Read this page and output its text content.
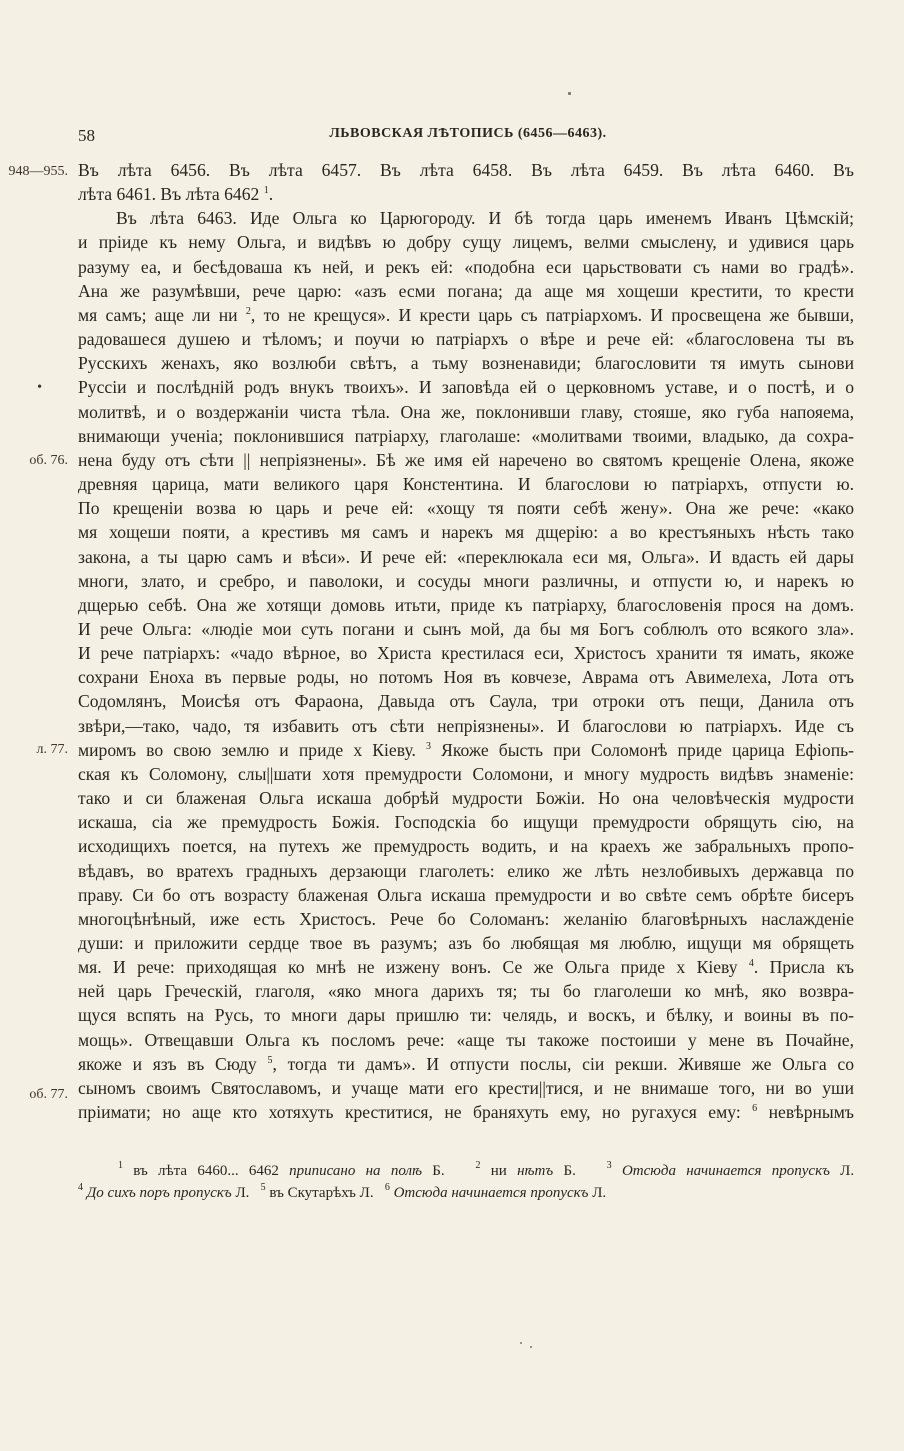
58	ЛЬВОВСКАЯ ЛѢТОПИСЬ (6456—6463).
948—955.
•
об. 76.
л. 77.
об. 77.
Въ лѣта 6456. Въ лѣта 6457. Въ лѣта 6458. Въ лѣта 6459. Въ лѣта 6460. Въ
лѣта 6461. Въ лѣта 6462 $^1$.
Въ лѣта 6463. Иде Ольга ко Царюгороду. И бѣ тогда царь именемъ Иванъ Цѣмскій;
и пріиде къ нему Ольга, и видѣвъ ю добру сущу лицемъ, велми смыслену, и удивися царь
разуму еа, и бесѣдоваша къ ней, и рекъ ей: «подобна еси царьствовати съ нами во градѣ».
Ана же разумѣвши, рече царю: «азъ есми погана; да аще мя хощеши крестити, то крести
мя самъ; аще ли ни $^2$, то не крещуся». И крести царь съ патріархомъ. И просвещена же бывши,
радовашеся душею и тѣломъ; и поучи ю патріархъ о вѣре и рече ей: «благословена ты въ
Русскихъ женахъ, яко возлюби свѣтъ, а тьму возненавиди; благословити тя имуть сынови
Руссіи и послѣдній родъ внукъ твоихъ». И заповѣда ей о церковномъ уставе, и о постѣ, и о
молитвѣ, и о воздержаніи чиста тѣла. Она же, поклонивши главу, стояше, яко губа напояема,
внимающи ученіа; поклонившися патріарху, глаголаше: «молитвами твоими, владыко, да сохра-
нена буду отъ сѣти || непріязнены». Бѣ же имя ей наречено во святомъ крещеніе Олена, якоже
древняя царица, мати великого царя Констентина. И благослови ю патріархъ, отпусти ю.
По крещеніи возва ю царь и рече ей: «хощу тя пояти себѣ жену». Она же рече: «како
мя хощеши пояти, а крестивъ мя самъ и нарекъ мя дщерію: а во крестъяныхъ нѣсть тако
закона, а ты царю самъ и вѣси». И рече ей: «переклюкала еси мя, Ольга». И вдасть ей дары
многи, злато, и сребро, и паволоки, и сосуды многи различны, и отпусти ю, и нарекъ ю
дщерью себѣ. Она же хотящи домовь итьти, приде къ патріарху, благословенія прося на домъ.
И рече Ольга: «людіе мои суть погани и сынъ мой, да бы мя Богъ соблюлъ ото всякого зла».
И рече патріархъ: «чадо вѣрное, во Христа крестилася еси, Христосъ хранити тя имать, якоже
сохрани Еноха въ первые роды, но потомъ Ноя въ ковчезе, Аврама отъ Авимелеха, Лота отъ
Содомлянъ, Моисѣя отъ Фараона, Давыда отъ Саула, три отроки отъ пещи, Данила отъ
звѣри,—тако, чадо, тя избавить отъ сѣти непріязнены». И благослови ю патріархъ. Иде съ
миромъ во свою землю и приде х Кіеву. $^3$ Якоже бысть при Соломонѣ приде царица Ефіопь-
ская къ Соломону, слы||шати хотя премудрости Соломони, и многу мудрость видѣвъ знаменіе:
тако и си блаженая Ольга искаша добрѣй мудрости Божіи. Но она человѣческія мудрости
искаша, сіа же премудрость Божія. Господскіа бо ищущи премудрости обрящуть сію, на
исходищихъ поется, на путехъ же премудрость водить, и на краехъ же забральныхъ пропо-
вѣдавъ, во вратехъ градныхъ дерзающи глаголеть: елико же лѣть незлобивыхъ державца по
праву. Си бо отъ возрасту блаженая Ольга искаша премудрости и во свѣте семъ обрѣте бисеръ
многоцѣнѣный, иже есть Христосъ. Рече бо Соломанъ: желанію благовѣрныхъ наслажденіе
души: и приложити сердце твое въ разумъ; азъ бо любящая мя люблю, ищущи мя обрящеть
мя. И рече: приходящая ко мнѣ не изжену вонъ. Се же Ольга приде х Кіеву $^4$. Присла къ
ней царь Греческій, глаголя, «яко многа дарихъ тя; ты бо глаголеши ко мнѣ, яко возвра-
щуся вспять на Русь, то многи дары пришлю ти: челядь, и воскъ, и бѣлку, и воины въ по-
мощь». Отвещавши Ольга къ посломъ рече: «аще ты такоже постоиши у мене въ Почайне,
якоже и язъ въ Сюду $^5$, тогда ти дамъ». И отпусти послы, сіи рекши. Живяше же Ольга со
сыномъ своимъ Святославомъ, и учаще мати его крести||тися, и не внимаше того, ни во уши
пріимати; но аще кто хотяхуть креститися, не браняхуть ему, но ругахуся ему: $^6$ невѣрнымъ
$^1$ въ лѣта 6460... 6462 приписано на полѣ Б.	$^2$ ни нѣтъ Б.	$^3$ Отсюда начинается пропускъ Л.
$^4$ До сихъ поръ пропускъ Л. $^5$ въ Скутарѣхъ Л. $^6$ Отсюда начинается пропускъ Л.
